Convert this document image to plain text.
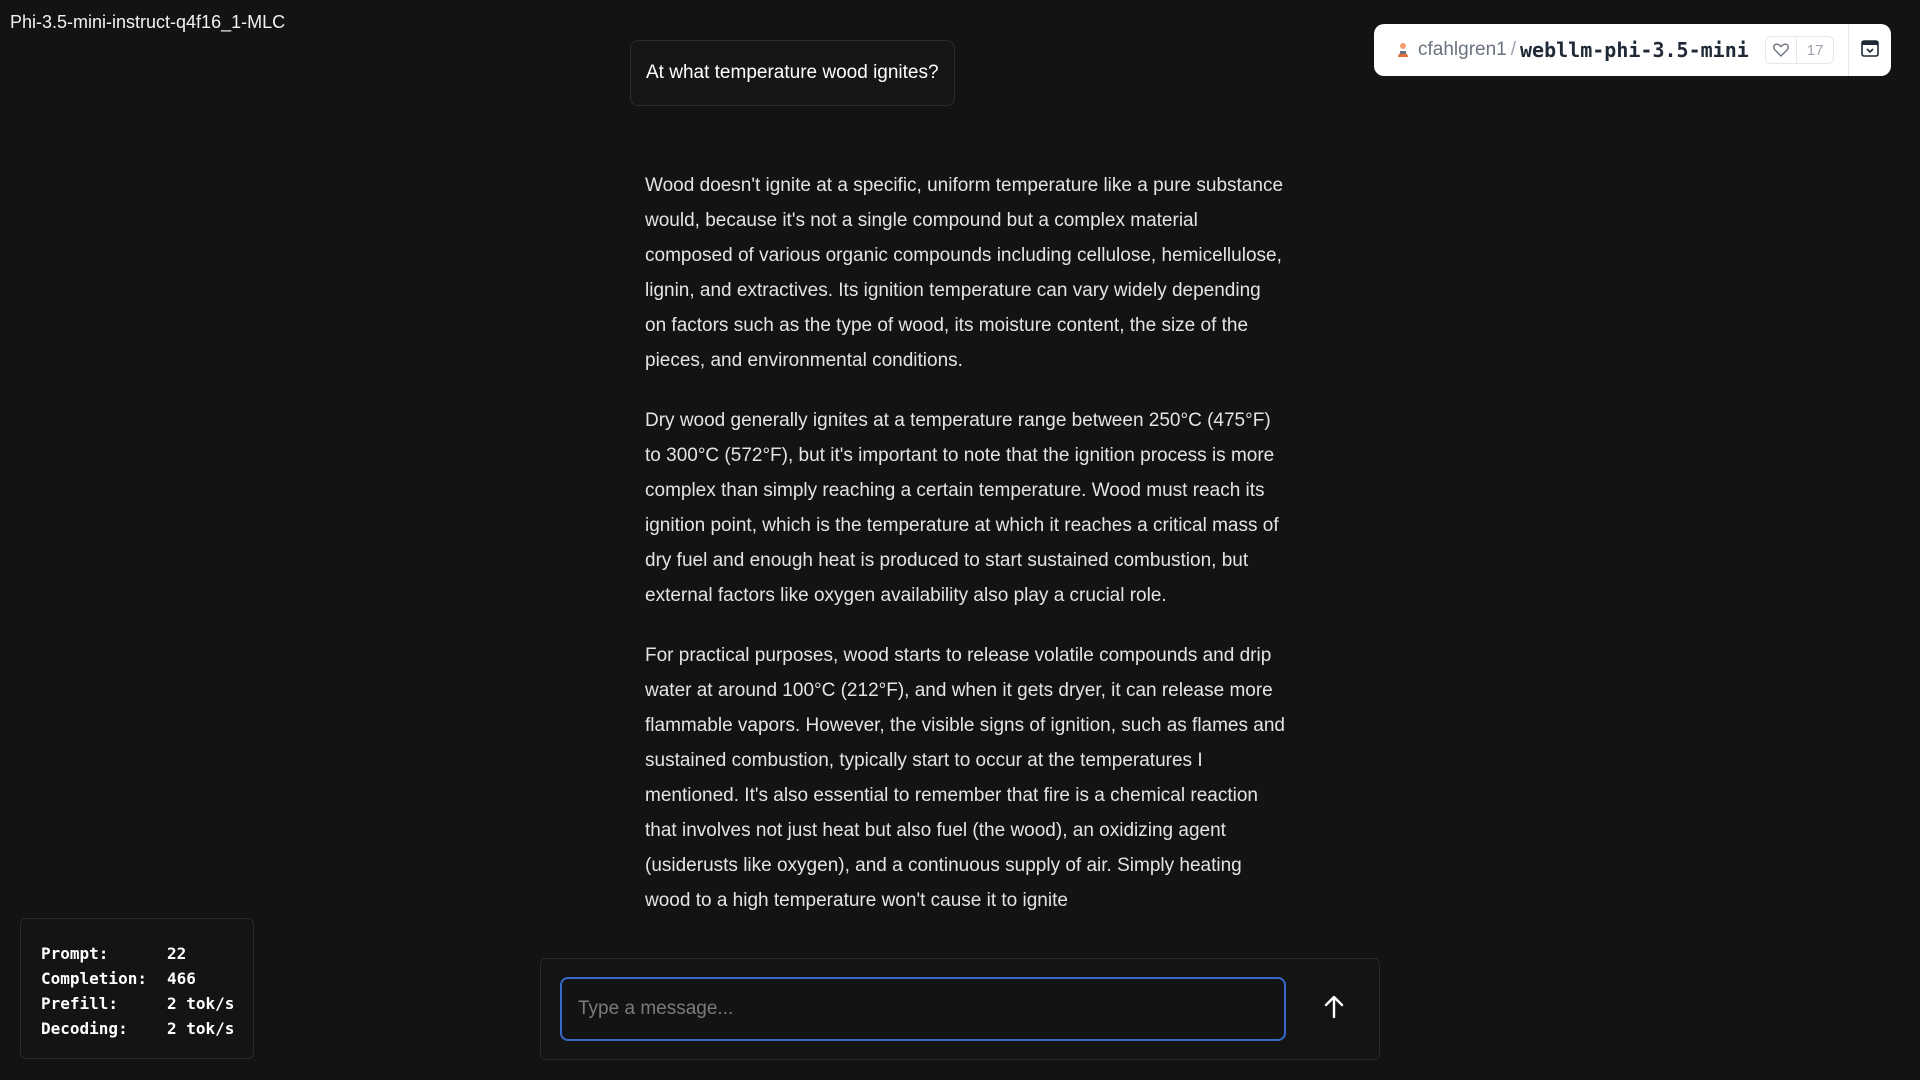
Phi-3.5-mini-instruct-q4f16_1-MLC
cfahlgren1 / webllm-phi-3.5-mini	17
At what temperature wood ignites?

Wood doesn't ignite at a specific, uniform temperature like a pure substance would, because it's not a single compound but a complex material composed of various organic compounds including cellulose, hemicellulose, lignin, and extractives. Its ignition temperature can vary widely depending on factors such as the type of wood, its moisture content, the size of the pieces, and environmental conditions.

Dry wood generally ignites at a temperature range between 250°C (475°F) to 300°C (572°F), but it's important to note that the ignition process is more complex than simply reaching a certain temperature. Wood must reach its ignition point, which is the temperature at which it reaches a critical mass of dry fuel and enough heat is produced to start sustained combustion, but external factors like oxygen availability also play a crucial role.

For practical purposes, wood starts to release volatile compounds and drip water at around 100°C (212°F), and when it gets dryer, it can release more flammable vapors. However, the visible signs of ignition, such as flames and sustained combustion, typically start to occur at the temperatures I mentioned. It's also essential to remember that fire is a chemical reaction that involves not just heat but also fuel (the wood), an oxidizing agent (usiderusts like oxygen), and a continuous supply of air. Simply heating wood to a high temperature won't cause it to ignite

Prompt:	22
Completion:	466
Prefill:	2 tok/s
Decoding:	2 tok/s
Type a message...
